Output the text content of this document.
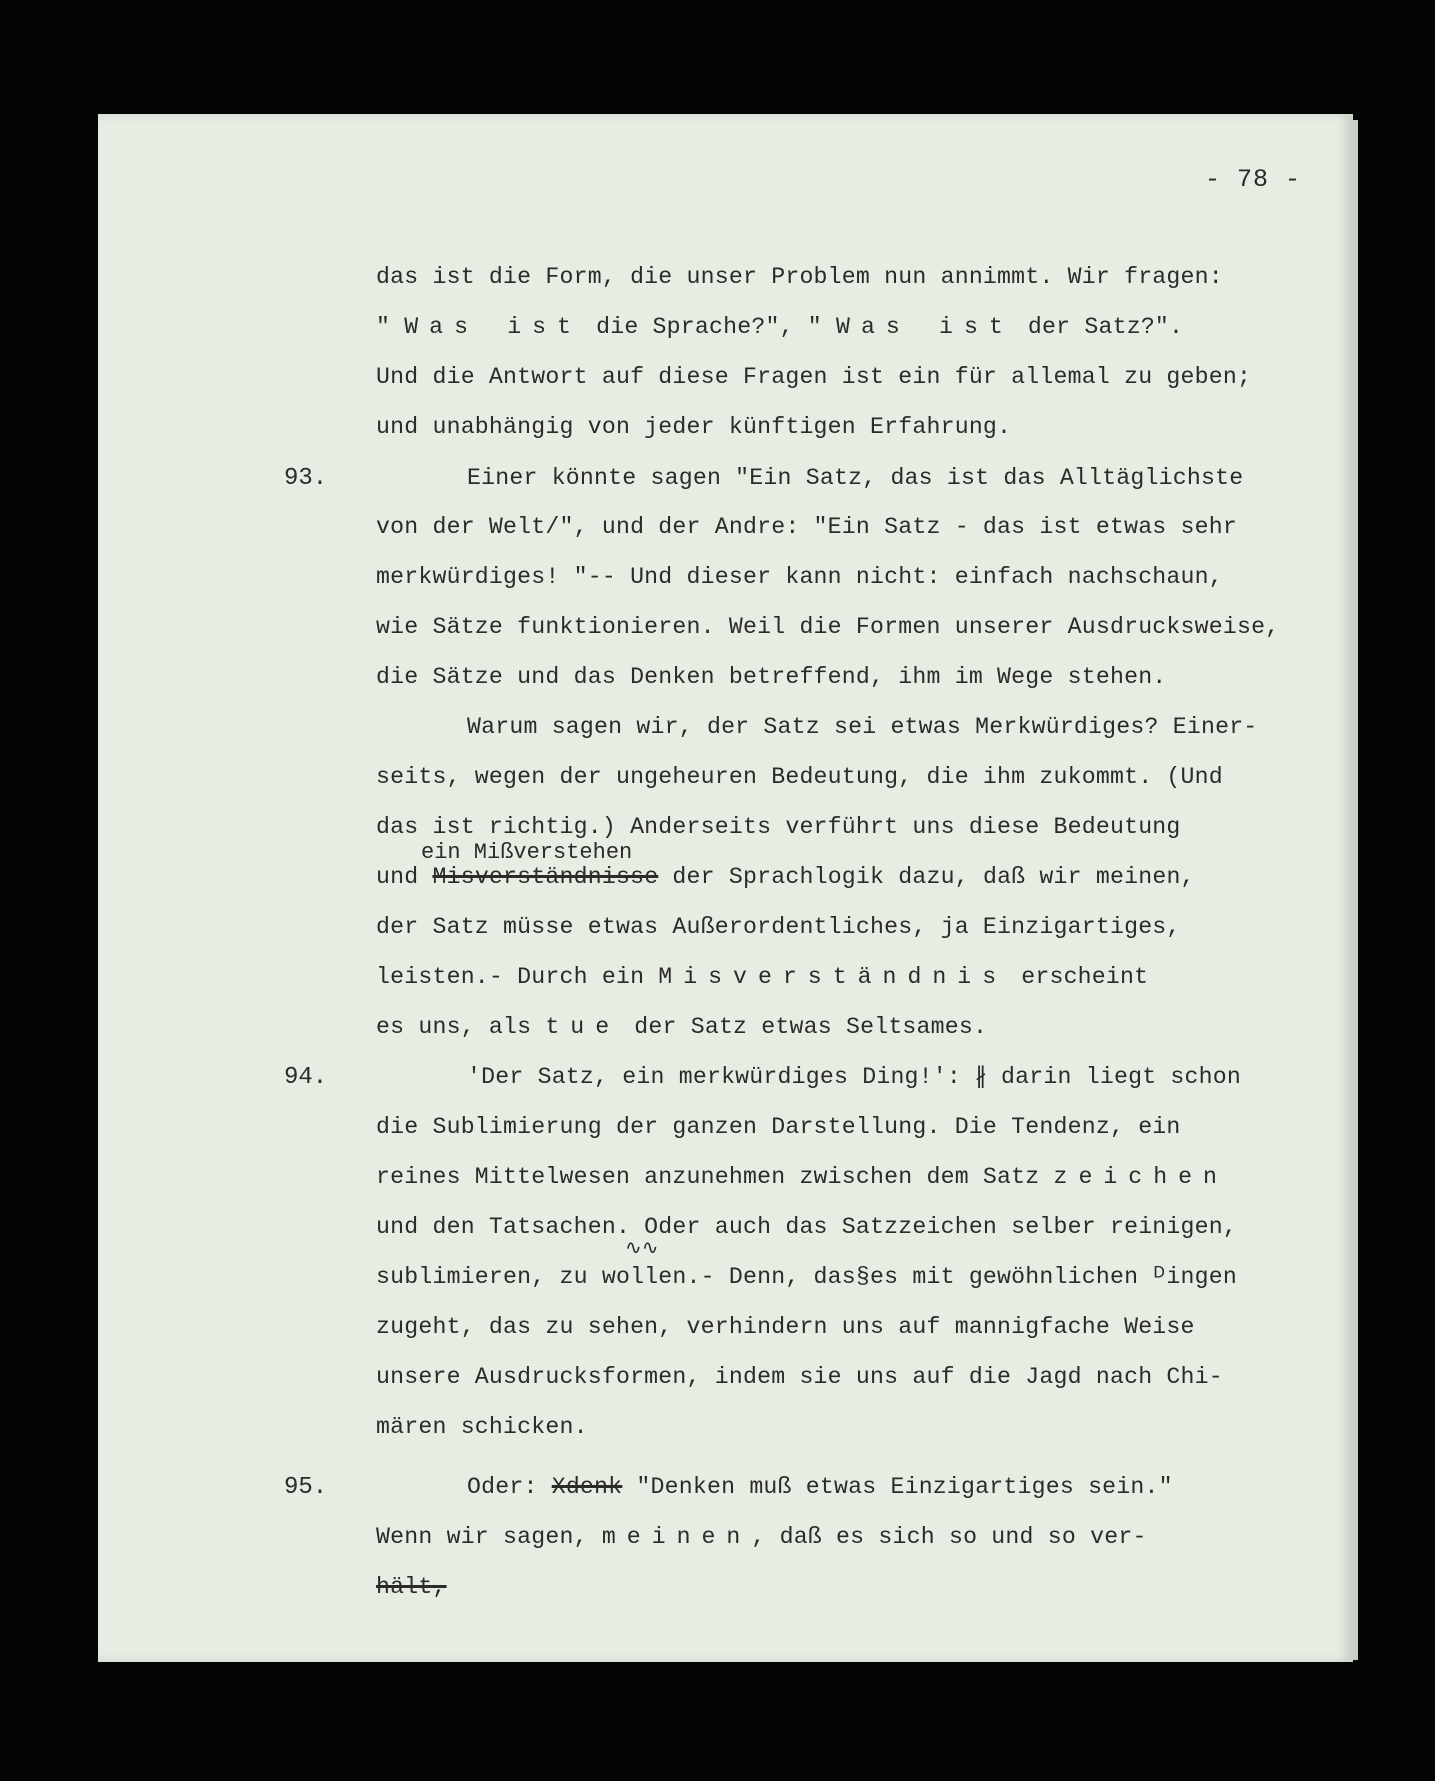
- 78 -
das ist die Form, die unser Problem nun annimmt. Wir fragen:
" Was ist die Sprache?", " Was ist der Satz?".
Und die Antwort auf diese Fragen ist ein für allemal zu geben;
und unabhängig von jeder künftigen Erfahrung.
93.	Einer könnte sagen "Ein Satz, das ist das Alltäglichste
von der Welt/", und der Andre: "Ein Satz - das ist etwas sehr
merkwürdiges! "-- Und dieser kann nicht: einfach nachschaun,
wie Sätze funktionieren. Weil die Formen unserer Ausdrucksweise,
die Sätze und das Denken betreffend, ihm im Wege stehen.
Warum sagen wir, der Satz sei etwas Merkwürdiges? Einer-
seits, wegen der ungeheuren Bedeutung, die ihm zukommt. (Und
das ist richtig.) Anderseits verführt uns diese Bedeutung
ein Mißverstehen
und Misverständnisse der Sprachlogik dazu, daß wir meinen,
der Satz müsse etwas Außerordentliches, ja Einzigartiges,
leisten.- Durch ein Misverständnis erscheint
es uns, als tue der Satz etwas Seltsames.
94.	'Der Satz, ein merkwürdiges Ding!': ∦ darin liegt schon
die Sublimierung der ganzen Darstellung. Die Tendenz, ein
reines Mittelwesen anzunehmen zwischen dem Satz zeichen
und den Tatsachen. Oder auch das Satzzeichen selber reinigen,
∿∿
sublimieren, zu wollen.- Denn, das§es mit gewöhnlichen ᴰingen
zugeht, das zu sehen, verhindern uns auf mannigfache Weise
unsere Ausdrucksformen, indem sie uns auf die Jagd nach Chi-
mären schicken.
95.	Oder: Xdenk "Denken muß etwas Einzigartiges sein."
Wenn wir sagen, meinen, daß es sich so und so ver-
hält,
